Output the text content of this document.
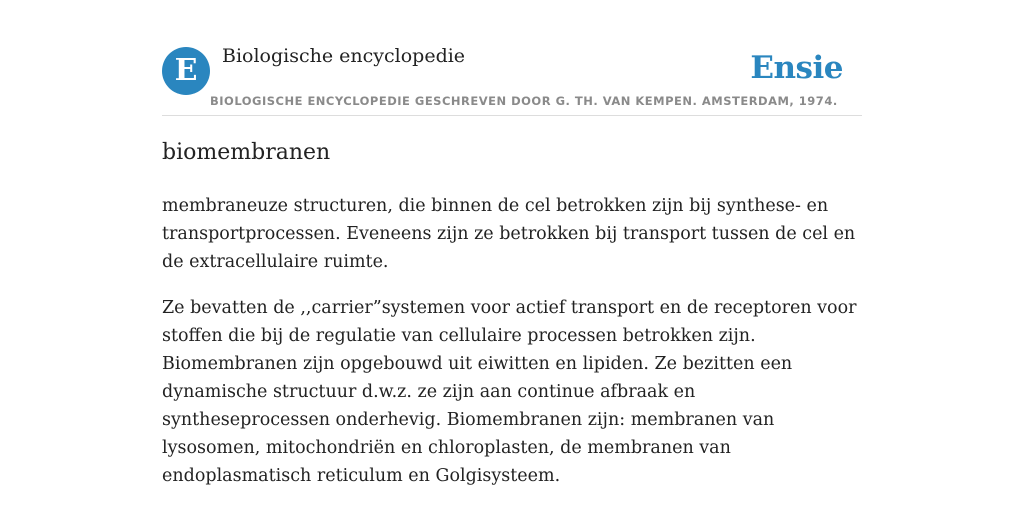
E	Biologische encyclopedie	Ensie
BIOLOGISCHE ENCYCLOPEDIE GESCHREVEN DOOR G. TH. VAN KEMPEN. AMSTERDAM, 1974.
biomembranen

membraneuze structuren, die binnen de cel betrokken zijn bij synthese- en transportprocessen. Eveneens zijn ze betrokken bij transport tussen de cel en de extracellulaire ruimte.

Ze bevatten de ,,carrier”systemen voor actief transport en de receptoren voor stoffen die bij de regulatie van cellulaire processen betrokken zijn. Biomembranen zijn opgebouwd uit eiwitten en lipiden. Ze bezitten een dynamische structuur d.w.z. ze zijn aan continue afbraak en syntheseprocessen onderhevig. Biomembranen zijn: membranen van lysosomen, mitochondriën en chloroplasten, de membranen van endoplasmatisch reticulum en Golgisysteem.
